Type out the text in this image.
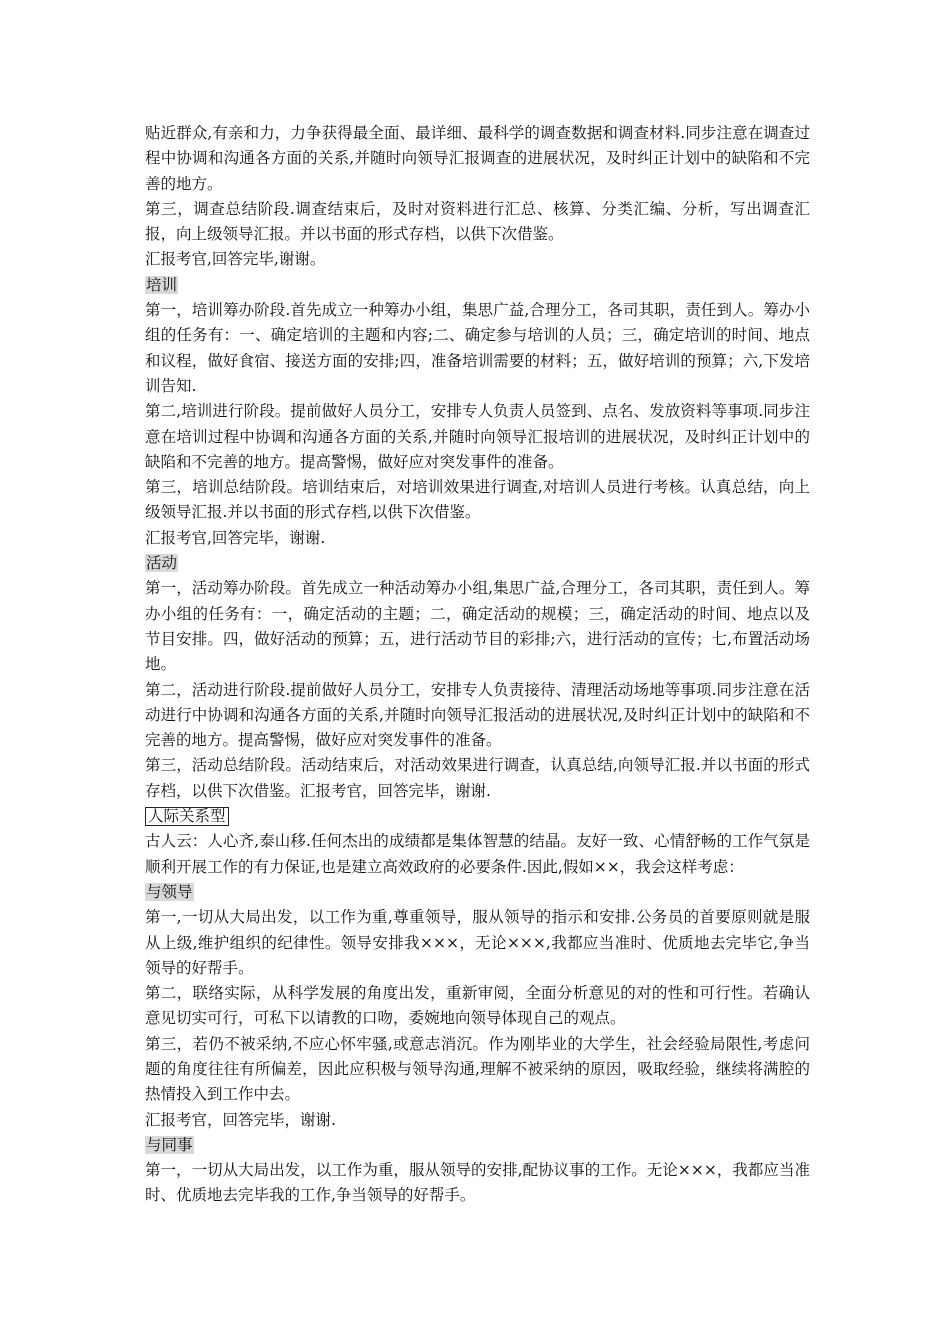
贴近群众,有亲和力，力争获得最全面、最详细、最科学的调查数据和调查材料.同步注意在调查过程中协调和沟通各方面的关系,并随时向领导汇报调查的进展状况，及时纠正计划中的缺陷和不完善的地方。

第三，调查总结阶段.调查结束后，及时对资料进行汇总、核算、分类汇编、分析，写出调查汇报，向上级领导汇报。并以书面的形式存档，以供下次借鉴。

汇报考官,回答完毕,谢谢。

培训

第一，培训筹办阶段.首先成立一种筹办小组，集思广益,合理分工，各司其职，责任到人。筹办小组的任务有：一、确定培训的主题和内容;二、确定参与培训的人员；三，确定培训的时间、地点和议程，做好食宿、接送方面的安排;四，准备培训需要的材料；五，做好培训的预算；六,下发培训告知.

第二,培训进行阶段。提前做好人员分工，安排专人负责人员签到、点名、发放资料等事项.同步注意在培训过程中协调和沟通各方面的关系,并随时向领导汇报培训的进展状况，及时纠正计划中的缺陷和不完善的地方。提高警惕，做好应对突发事件的准备。

第三，培训总结阶段。培训结束后，对培训效果进行调查,对培训人员进行考核。认真总结，向上级领导汇报.并以书面的形式存档,以供下次借鉴。

汇报考官,回答完毕，谢谢.

活动

第一，活动筹办阶段。首先成立一种活动筹办小组,集思广益,合理分工，各司其职，责任到人。筹办小组的任务有：一，确定活动的主题；二，确定活动的规模；三，确定活动的时间、地点以及节目安排。四，做好活动的预算；五，进行活动节目的彩排;六，进行活动的宣传；七,布置活动场地。

第二，活动进行阶段.提前做好人员分工，安排专人负责接待、清理活动场地等事项.同步注意在活动进行中协调和沟通各方面的关系,并随时向领导汇报活动的进展状况,及时纠正计划中的缺陷和不完善的地方。提高警惕，做好应对突发事件的准备。

第三，活动总结阶段。活动结束后，对活动效果进行调查，认真总结,向领导汇报.并以书面的形式存档，以供下次借鉴。汇报考官，回答完毕，谢谢.

人际关系型

古人云：人心齐,泰山移.任何杰出的成绩都是集体智慧的结晶。友好一致、心情舒畅的工作气氛是顺利开展工作的有力保证,也是建立高效政府的必要条件.因此,假如××，我会这样考虑：

与领导

第一,一切从大局出发，以工作为重,尊重领导，服从领导的指示和安排.公务员的首要原则就是服从上级,维护组织的纪律性。领导安排我×××，无论×××,我都应当准时、优质地去完毕它,争当领导的好帮手。

第二，联络实际，从科学发展的角度出发，重新审阅，全面分析意见的对的性和可行性。若确认意见切实可行，可私下以请教的口吻，委婉地向领导体现自己的观点。

第三，若仍不被采纳,不应心怀牢骚,或意志消沉。作为刚毕业的大学生，社会经验局限性,考虑问题的角度往往有所偏差，因此应积极与领导沟通,理解不被采纳的原因，吸取经验，继续将满腔的热情投入到工作中去。

汇报考官，回答完毕，谢谢.

与同事

第一，一切从大局出发，以工作为重，服从领导的安排,配协议事的工作。无论×××，我都应当准时、优质地去完毕我的工作,争当领导的好帮手。
